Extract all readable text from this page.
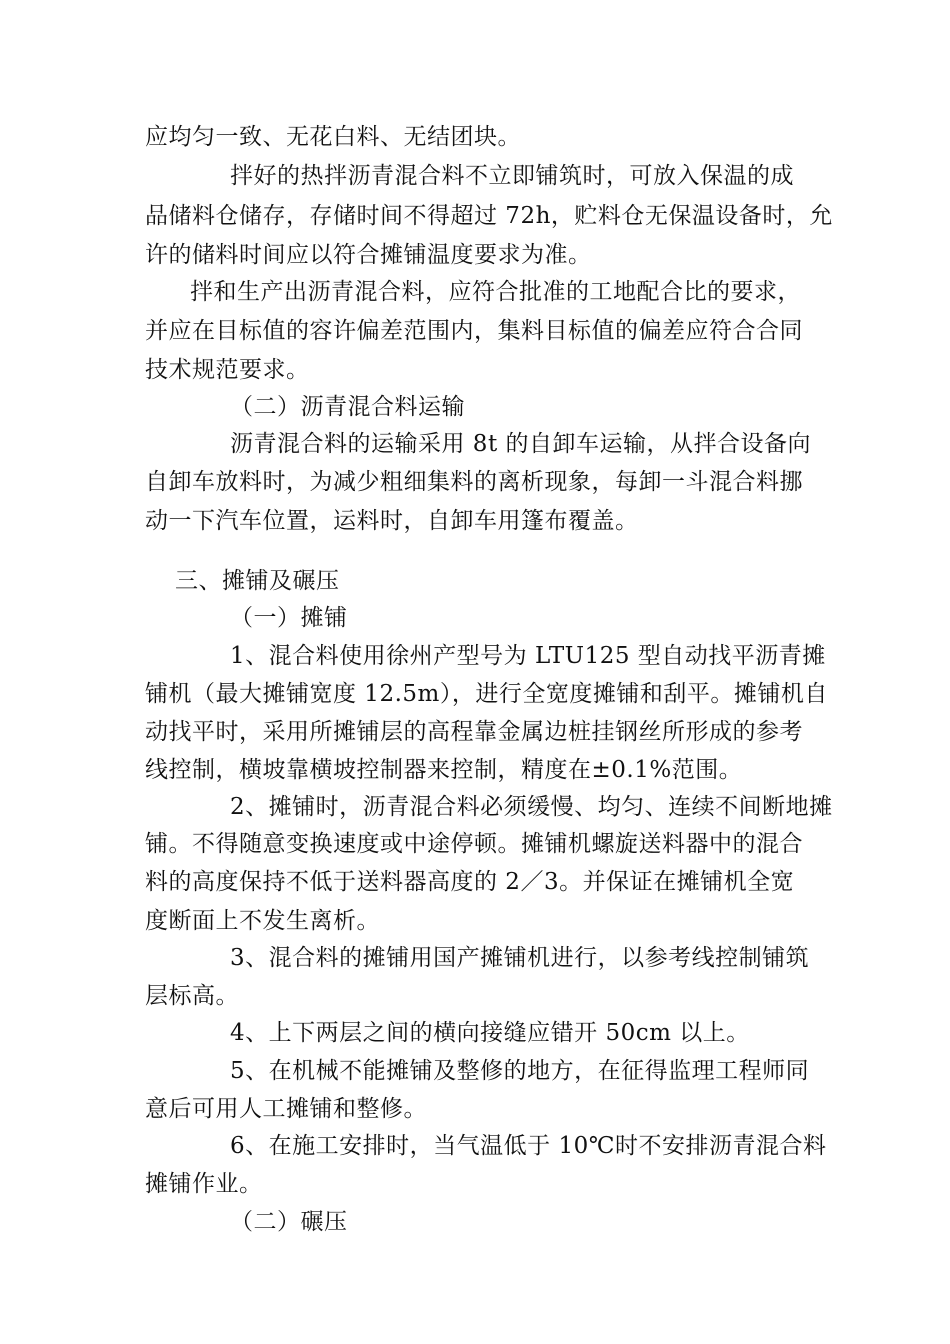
应均匀一致、无花白料、无结团块。
拌好的热拌沥青混合料不立即铺筑时，可放入保温的成
品储料仓储存，存储时间不得超过 72h，贮料仓无保温设备时，允
许的储料时间应以符合摊铺温度要求为准。
拌和生产出沥青混合料，应符合批准的工地配合比的要求，
并应在目标值的容许偏差范围内，集料目标值的偏差应符合合同
技术规范要求。
（二）沥青混合料运输
沥青混合料的运输采用 8t 的自卸车运输，从拌合设备向
自卸车放料时，为减少粗细集料的离析现象，每卸一斗混合料挪
动一下汽车位置，运料时，自卸车用篷布覆盖。
三、摊铺及碾压
（一）摊铺
1、混合料使用徐州产型号为 LTU125 型自动找平沥青摊
铺机（最大摊铺宽度 12.5m），进行全宽度摊铺和刮平。摊铺机自
动找平时，采用所摊铺层的高程靠金属边桩挂钢丝所形成的参考
线控制，横坡靠横坡控制器来控制，精度在±0.1%范围。
2、摊铺时，沥青混合料必须缓慢、均匀、连续不间断地摊
铺。不得随意变换速度或中途停顿。摊铺机螺旋送料器中的混合
料的高度保持不低于送料器高度的 2／3。并保证在摊铺机全宽
度断面上不发生离析。
3、混合料的摊铺用国产摊铺机进行，以参考线控制铺筑
层标高。
4、上下两层之间的横向接缝应错开 50cm 以上。
5、在机械不能摊铺及整修的地方，在征得监理工程师同
意后可用人工摊铺和整修。
6、在施工安排时，当气温低于 10℃时不安排沥青混合料
摊铺作业。
（二）碾压
